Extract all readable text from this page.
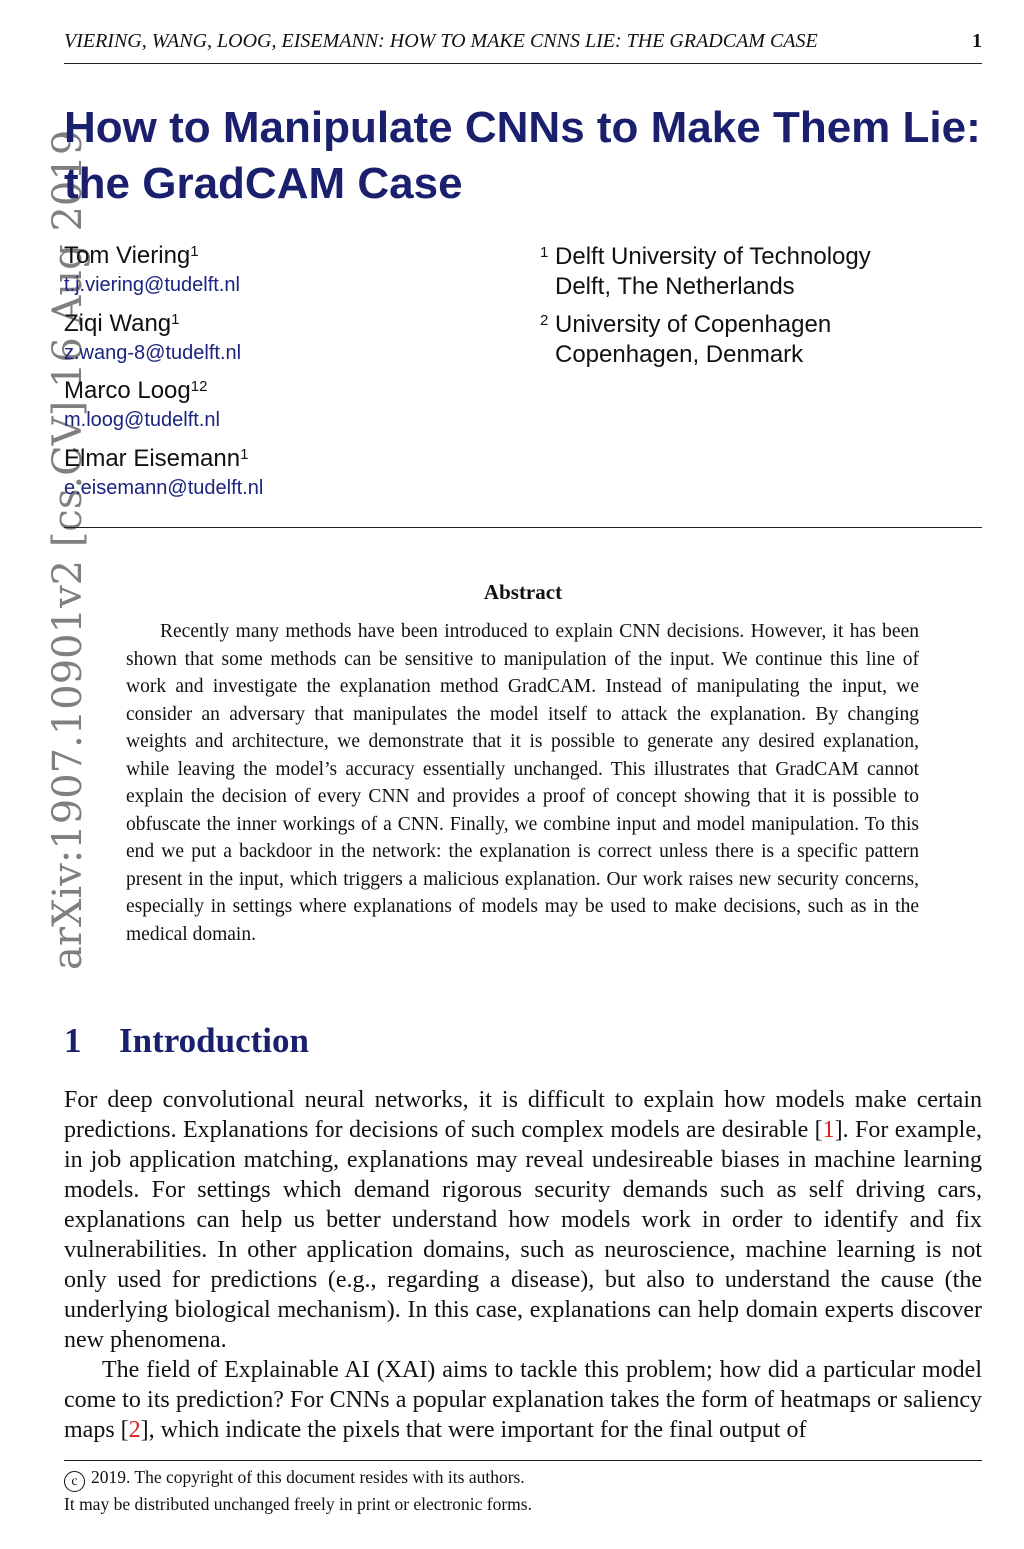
VIERING, WANG, LOOG, EISEMANN: HOW TO MAKE CNNS LIE: THE GRADCAM CASE	1
arXiv:1907.10901v2 [cs.CV] 16 Aug 2019
How to Manipulate CNNs to Make Them Lie:
the GradCAM Case
Tom Viering$^1$
t.j.viering@tudelft.nl
Ziqi Wang$^1$
z.wang-8@tudelft.nl
Marco Loog$^{12}$
m.loog@tudelft.nl
Elmar Eisemann$^1$
e.eisemann@tudelft.nl
$^1$ Delft University of Technology
Delft, The Netherlands
$^2$ University of Copenhagen
Copenhagen, Denmark
Abstract
Recently many methods have been introduced to explain CNN decisions. However, it has been shown that some methods can be sensitive to manipulation of the input. We continue this line of work and investigate the explanation method GradCAM. Instead of manipulating the input, we consider an adversary that manipulates the model itself to attack the explanation. By changing weights and architecture, we demonstrate that it is possible to generate any desired explanation, while leaving the model’s accuracy essentially unchanged. This illustrates that GradCAM cannot explain the decision of every CNN and provides a proof of concept showing that it is possible to obfuscate the inner workings of a CNN. Finally, we combine input and model manipulation. To this end we put a backdoor in the network: the explanation is correct unless there is a specific pattern present in the input, which triggers a malicious explanation. Our work raises new security concerns, especially in settings where explanations of models may be used to make decisions, such as in the medical domain.
1 Introduction

For deep convolutional neural networks, it is difficult to explain how models make certain predictions. Explanations for decisions of such complex models are desirable [1]. For example, in job application matching, explanations may reveal undesireable biases in machine learning models. For settings which demand rigorous security demands such as self driving cars, explanations can help us better understand how models work in order to identify and fix vulnerabilities. In other application domains, such as neuroscience, machine learning is not only used for predictions (e.g., regarding a disease), but also to understand the cause (the underlying biological mechanism). In this case, explanations can help domain experts discover new phenomena.

The field of Explainable AI (XAI) aims to tackle this problem; how did a particular model come to its prediction? For CNNs a popular explanation takes the form of heatmaps or saliency maps [2], which indicate the pixels that were important for the final output of

c 2019. The copyright of this document resides with its authors.
It may be distributed unchanged freely in print or electronic forms.
